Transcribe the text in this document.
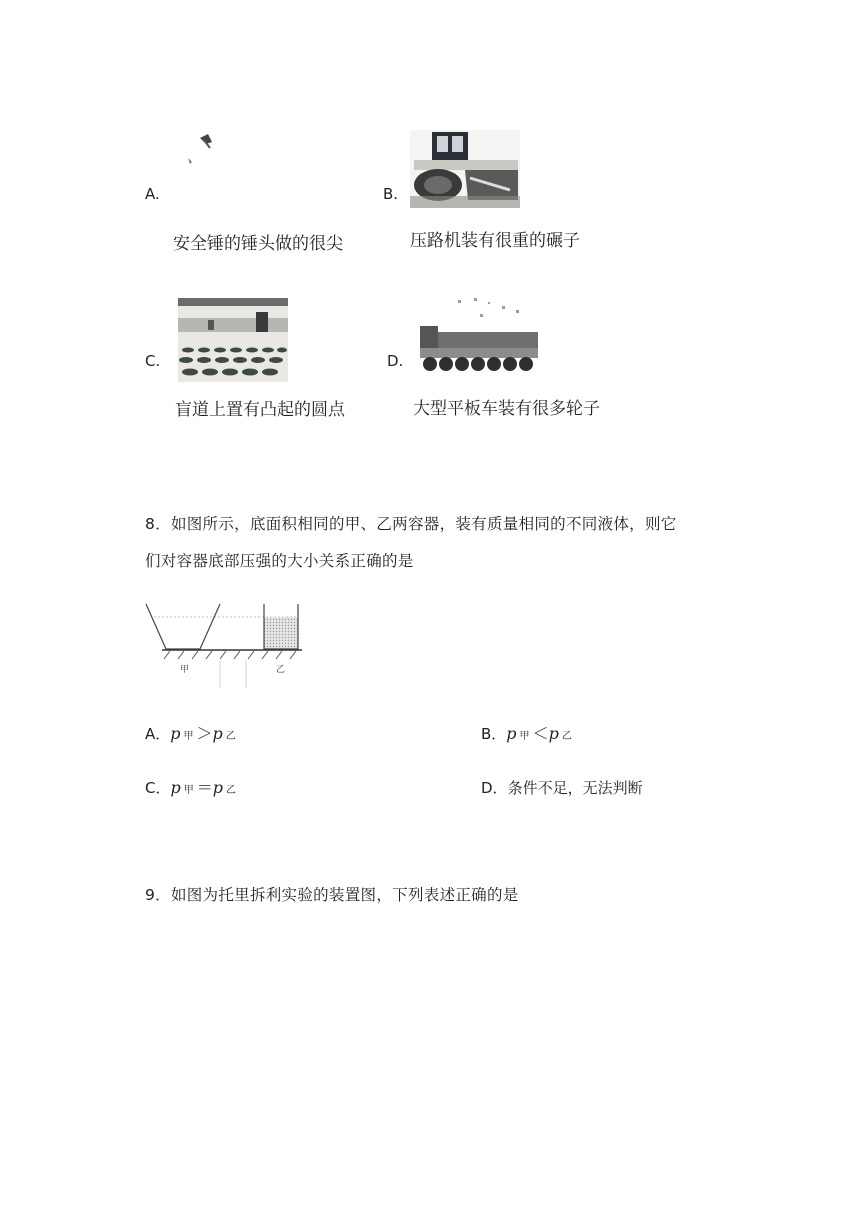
A.
安全锤的锤头做的很尖
B.
压路机装有很重的碾子
C.
盲道上置有凸起的圆点
D.
大型平板车装有很多轮子
8．如图所示，底面积相同的甲、乙两容器，装有质量相同的不同液体，则它
们对容器底部压强的大小关系正确的是
甲	乙
A．p 甲 ＞p 乙	B．p 甲 ＜p 乙
C．p 甲 ＝p 乙	D．条件不足，无法判断
9．如图为托里拆利实验的装置图，下列表述正确的是
